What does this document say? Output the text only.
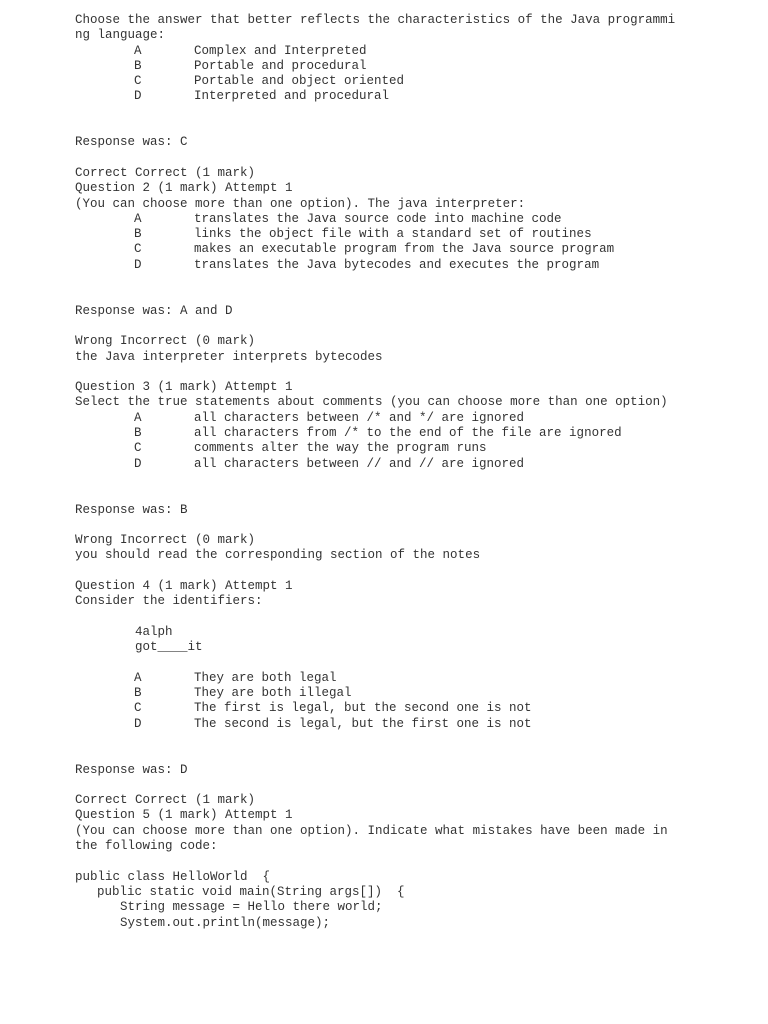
Choose the answer that better reflects the characteristics of the Java programmi
ng language:
A	Complex and Interpreted
B	Portable and procedural
C	Portable and object oriented
D	Interpreted and procedural
Response was: C
Correct Correct (1 mark)
Question 2 (1 mark) Attempt 1
(You can choose more than one option). The java interpreter:
A	translates the Java source code into machine code
B	links the object file with a standard set of routines
C	makes an executable program from the Java source program
D	translates the Java bytecodes and executes the program
Response was: A and D
Wrong Incorrect (0 mark)
the Java interpreter interprets bytecodes
Question 3 (1 mark) Attempt 1
Select the true statements about comments (you can choose more than one option)
A	all characters between /* and */ are ignored
B	all characters from /* to the end of the file are ignored
C	comments alter the way the program runs
D	all characters between // and // are ignored
Response was: B
Wrong Incorrect (0 mark)
you should read the corresponding section of the notes
Question 4 (1 mark) Attempt 1
Consider the identifiers:
4alph
got____it
A	They are both legal
B	They are both illegal
C	The first is legal, but the second one is not
D	The second is legal, but the first one is not
Response was: D
Correct Correct (1 mark)
Question 5 (1 mark) Attempt 1
(You can choose more than one option). Indicate what mistakes have been made in
the following code:
public class HelloWorld  {
public static void main(String args[])  {
String message = Hello there world;
System.out.println(message);
